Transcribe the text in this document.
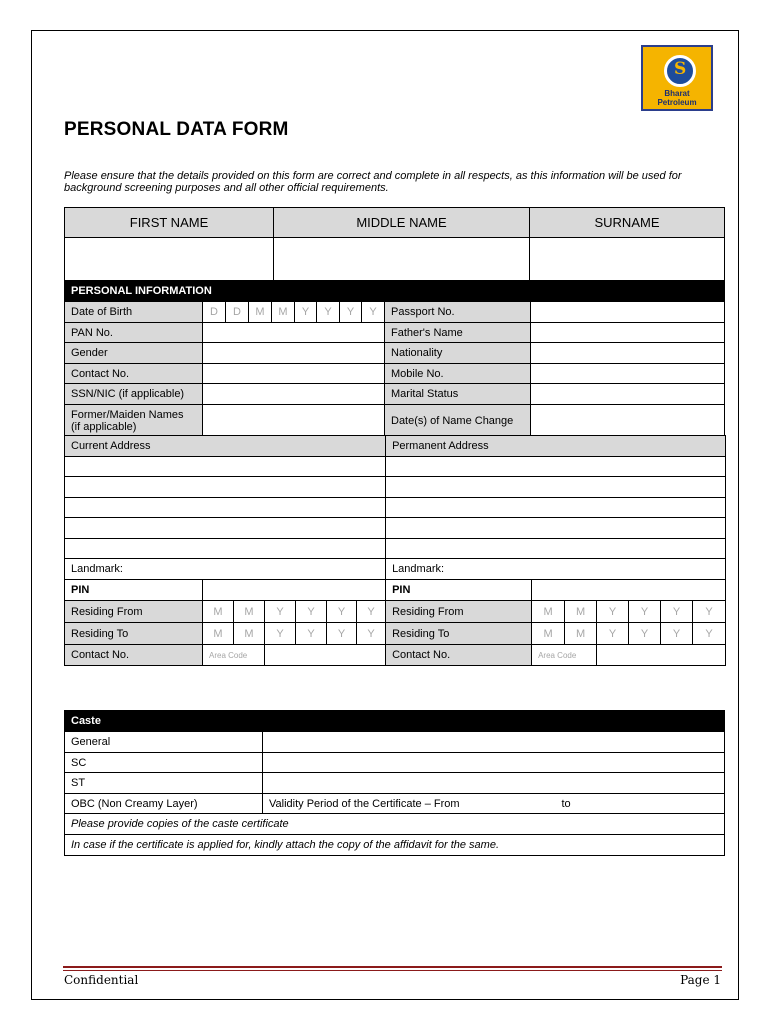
S
Bharat
Petroleum
PERSONAL DATA FORM
Please ensure that the details provided on this form are correct and complete in all respects, as this information will be used for background screening purposes and all other official requirements.
FIRST NAME	MIDDLE NAME	SURNAME

PERSONAL INFORMATION										
Date of Birth	D	D	M	M	Y	Y	Y	Y	Passport No.	
PAN No.									Father's Name	
Gender									Nationality	
Contact No.									Mobile No.	
SSN/NIC (if applicable)									Marital Status	

Former/Maiden Names
(if applicable)									Date(s) of Name Change	
Current Address							Permanent Address						

Landmark:							Landmark:						
PIN							PIN						
Residing From	M	M	Y	Y	Y	Y	Residing From	M	M	Y	Y	Y	Y
Residing To	M	M	Y	Y	Y	Y	Residing To	M	M	Y	Y	Y	Y
Contact No.	Area Code						Contact No.	Area Code					
Caste		
General		
SC		
ST		
OBC (Non Creamy Layer)	Validity Period of the Certificate – From	to
Please provide copies of the caste certificate		
In case if the certificate is applied for, kindly attach the copy of the affidavit for the same.		
Confidential	Page 1
